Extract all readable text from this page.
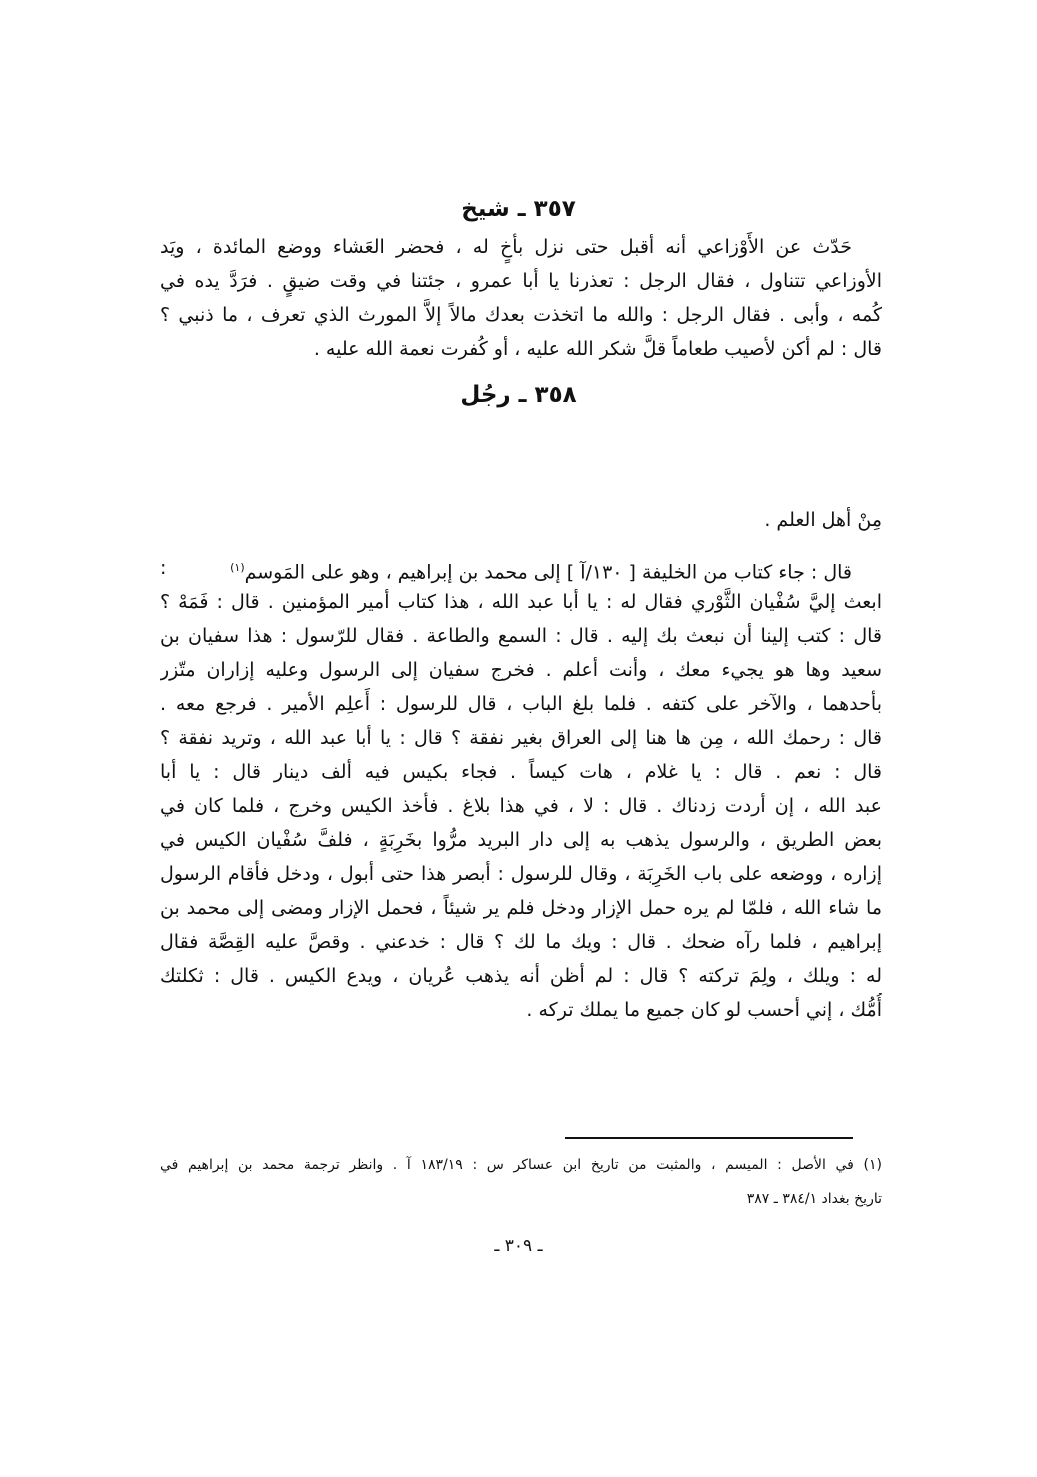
٣٥٧ ـ شيخ
حَدّث عن الأَوْزاعي أنه أقبل حتى نزل بأخٍ له ، فحضر العَشاء ووضع المائدة ، ويَد
الأوزاعي تتناول ، فقال الرجل : تعذرنا يا أبا عمرو ، جئتنا في وقت ضيقٍ . فرَدَّ يده في
كُمه ، وأبى . فقال الرجل : والله ما اتخذت بعدك مالاً إلاَّ المورث الذي تعرف ، ما ذنبي ؟
قال : لم أكن لأصيب طعاماً قلَّ شكر الله عليه ، أو كُفرت نعمة الله عليه .
٣٥٨ ـ رجُل
مِنْ أهل العلم .
قال : جاء كتاب من الخليفة [ ١٣٠/آ ] إلى محمد بن إبراهيم ، وهو على المَوسم$^{(١)}$
:
ابعث إليَّ سُفْيان الثَّوْري فقال له : يا أبا عبد الله ، هذا كتاب أمير المؤمنين . قال : فَمَهْ ؟
قال : كتب إلينا أن نبعث بك إليه . قال : السمع والطاعة . فقال للرّسول : هذا سفيان بن
سعيد وها هو يجيء معك ، وأنت أعلم . فخرج سفيان إلى الرسول وعليه إزاران متّزر
بأحدهما ، والآخر على كتفه . فلما بلغ الباب ، قال للرسول : أَعلِم الأمير . فرجع معه .
قال : رحمك الله ، مِن ها هنا إلى العراق بغير نفقة ؟ قال : يا أبا عبد الله ، وتريد نفقة ؟
قال : نعم . قال : يا غلام ، هات كيساً . فجاء بكيس فيه ألف دينار قال : يا أبا
عبد الله ، إن أردت زدناك . قال : لا ، في هذا بلاغ . فأخذ الكيس وخرج ، فلما كان في
بعض الطريق ، والرسول يذهب به إلى دار البريد مرُّوا بخَرِبَةٍ ، فلفَّ سُفْيان الكيس في
إزاره ، ووضعه على باب الخَرِبَة ، وقال للرسول : أبصر هذا حتى أبول ، ودخل فأقام الرسول
ما شاء الله ، فلمّا لم يره حمل الإزار ودخل فلم ير شيئاً ، فحمل الإزار ومضى إلى محمد بن
إبراهيم ، فلما رآه ضحك . قال : ويك ما لك ؟ قال : خدعني . وقصَّ عليه القِصَّة فقال
له : ويلك ، ولِمَ تركته ؟ قال : لم أظن أنه يذهب عُريان ، ويدع الكيس . قال : ثكلتك
أُمُّك ، إني أحسب لو كان جميع ما يملك تركه .
(١) في الأصل : الميسم ، والمثبت من تاريخ ابن عساكر س : ١٨٣/١٩ آ . وانظر ترجمة محمد بن إبراهيم في
تاريخ بغداد ٣٨٤/١ ـ ٣٨٧
ـ ٣٠٩ ـ
